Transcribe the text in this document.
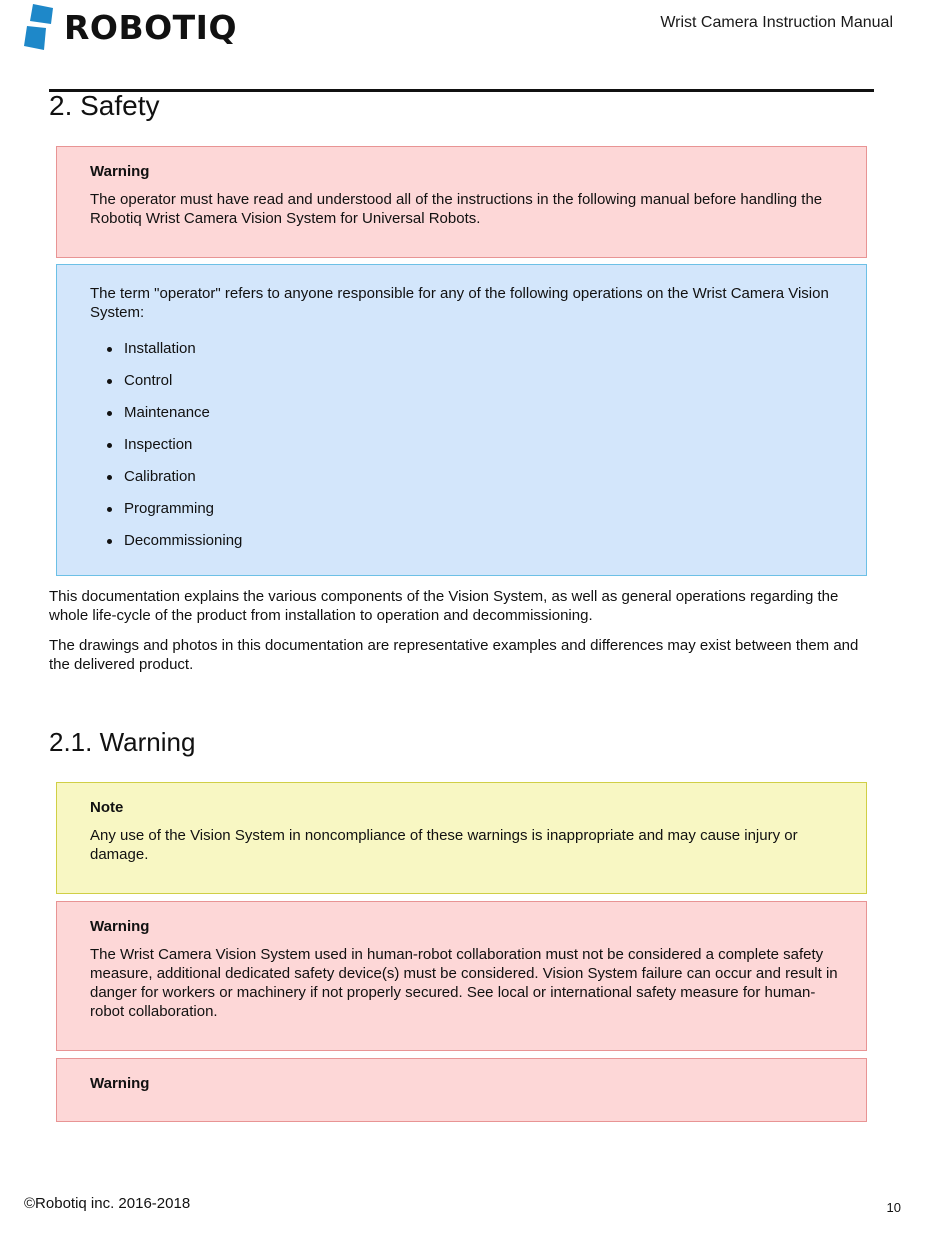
ROBOTIQ	Wrist Camera Instruction Manual
2. Safety

Warning

The operator must have read and understood all of the instructions in the following manual before handling the Robotiq Wrist Camera Vision System for Universal Robots.

The term "operator" refers to anyone responsible for any of the following operations on the Wrist Camera Vision System:

Installation
Control
Maintenance
Inspection
Calibration
Programming
Decommissioning

This documentation explains the various components of the Vision System, as well as general operations regarding the whole life-cycle of the product from installation to operation and decommissioning.

The drawings and photos in this documentation are representative examples and differences may exist between them and the delivered product.

2.1. Warning

Note

Any use of the Vision System in noncompliance of these warnings is inappropriate and may cause injury or damage.

Warning

The Wrist Camera Vision System used in human-robot collaboration must not be considered a complete safety measure, additional dedicated safety device(s) must be considered. Vision System failure can occur and result in danger for workers or machinery if not properly secured. See local or international safety measure for human-robot collaboration.

Warning

©Robotiq inc. 2016-2018	10
